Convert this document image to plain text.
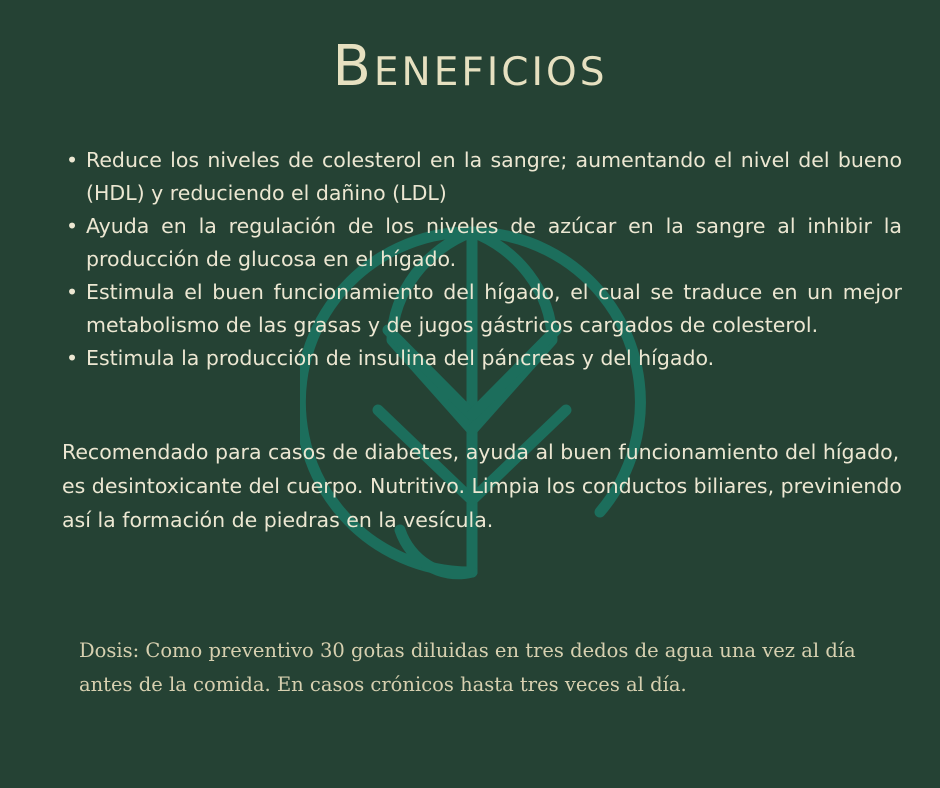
Beneficios
• Reduce los niveles de colesterol en la sangre; aumentando el nivel del bueno (HDL) y reduciendo el dañino (LDL)
• Ayuda en la regulación de los niveles de azúcar en la sangre al inhibir la producción de glucosa en el hígado.
• Estimula el buen funcionamiento del hígado, el cual se traduce en un mejor metabolismo de las grasas y de jugos gástricos cargados de colesterol.
• Estimula la producción de insulina del páncreas y del hígado.
Recomendado para casos de diabetes, ayuda al buen funcionamiento del hígado, es desintoxicante del cuerpo. Nutritivo. Limpia los conductos biliares, previniendo así la formación de piedras en la vesícula.
Dosis: Como preventivo 30 gotas diluidas en tres dedos de agua una vez al día antes de la comida. En casos crónicos hasta tres veces al día.
